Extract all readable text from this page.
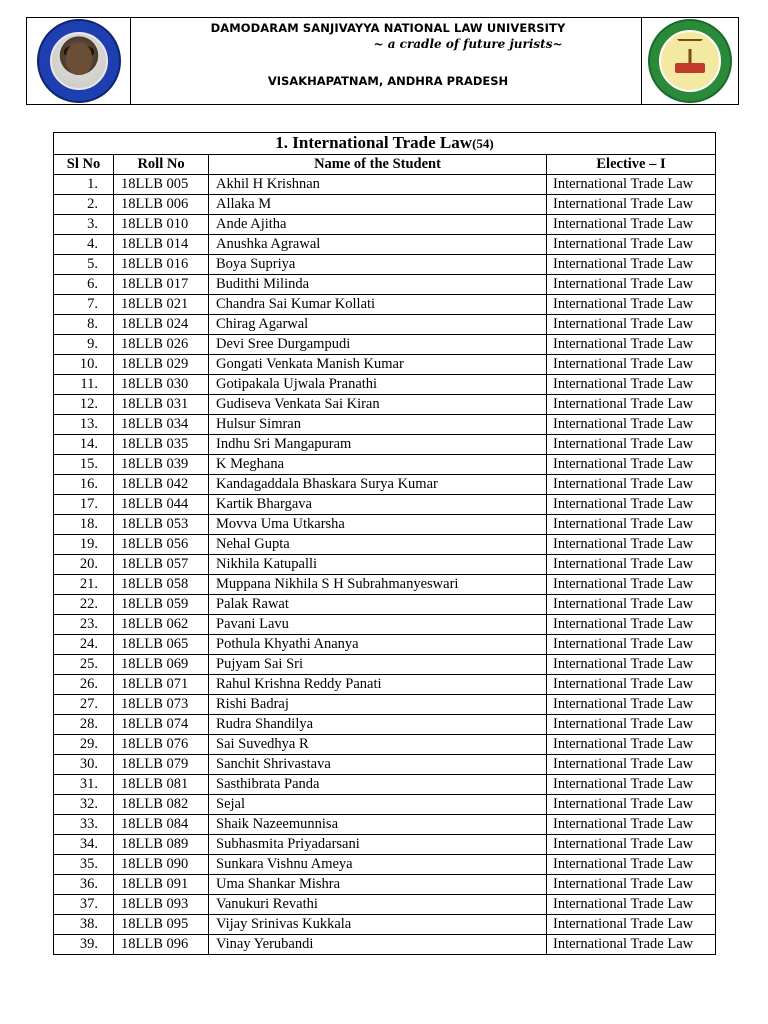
DAMODARAM SANJIVAYYA NATIONAL LAW UNIVERSITY
~ a cradle of future jurists~
VISAKHAPATNAM, ANDHRA PRADESH
1. International Trade Law(54)			
Sl No	Roll No	Name of the Student	Elective – I
1.	18LLB 005	Akhil H Krishnan	International Trade Law
2.	18LLB 006	Allaka M	International Trade Law
3.	18LLB 010	Ande Ajitha	International Trade Law
4.	18LLB 014	Anushka Agrawal	International Trade Law
5.	18LLB 016	Boya Supriya	International Trade Law
6.	18LLB 017	Budithi Milinda	International Trade Law
7.	18LLB 021	Chandra Sai Kumar Kollati	International Trade Law
8.	18LLB 024	Chirag Agarwal	International Trade Law
9.	18LLB 026	Devi Sree Durgampudi	International Trade Law
10.	18LLB 029	Gongati Venkata Manish Kumar	International Trade Law
11.	18LLB 030	Gotipakala Ujwala Pranathi	International Trade Law
12.	18LLB 031	Gudiseva Venkata Sai Kiran	International Trade Law
13.	18LLB 034	Hulsur Simran	International Trade Law
14.	18LLB 035	Indhu Sri Mangapuram	International Trade Law
15.	18LLB 039	K Meghana	International Trade Law
16.	18LLB 042	Kandagaddala Bhaskara Surya Kumar	International Trade Law
17.	18LLB 044	Kartik Bhargava	International Trade Law
18.	18LLB 053	Movva Uma Utkarsha	International Trade Law
19.	18LLB 056	Nehal Gupta	International Trade Law
20.	18LLB 057	Nikhila Katupalli	International Trade Law
21.	18LLB 058	Muppana Nikhila S H Subrahmanyeswari	International Trade Law
22.	18LLB 059	Palak Rawat	International Trade Law
23.	18LLB 062	Pavani Lavu	International Trade Law
24.	18LLB 065	Pothula Khyathi Ananya	International Trade Law
25.	18LLB 069	Pujyam Sai Sri	International Trade Law
26.	18LLB 071	Rahul Krishna Reddy Panati	International Trade Law
27.	18LLB 073	Rishi Badraj	International Trade Law
28.	18LLB 074	Rudra Shandilya	International Trade Law
29.	18LLB 076	Sai Suvedhya R	International Trade Law
30.	18LLB 079	Sanchit Shrivastava	International Trade Law
31.	18LLB 081	Sasthibrata Panda	International Trade Law
32.	18LLB 082	Sejal	International Trade Law
33.	18LLB 084	Shaik Nazeemunnisa	International Trade Law
34.	18LLB 089	Subhasmita Priyadarsani	International Trade Law
35.	18LLB 090	Sunkara Vishnu Ameya	International Trade Law
36.	18LLB 091	Uma Shankar Mishra	International Trade Law
37.	18LLB 093	Vanukuri Revathi	International Trade Law
38.	18LLB 095	Vijay Srinivas Kukkala	International Trade Law
39.	18LLB 096	Vinay Yerubandi	International Trade Law
